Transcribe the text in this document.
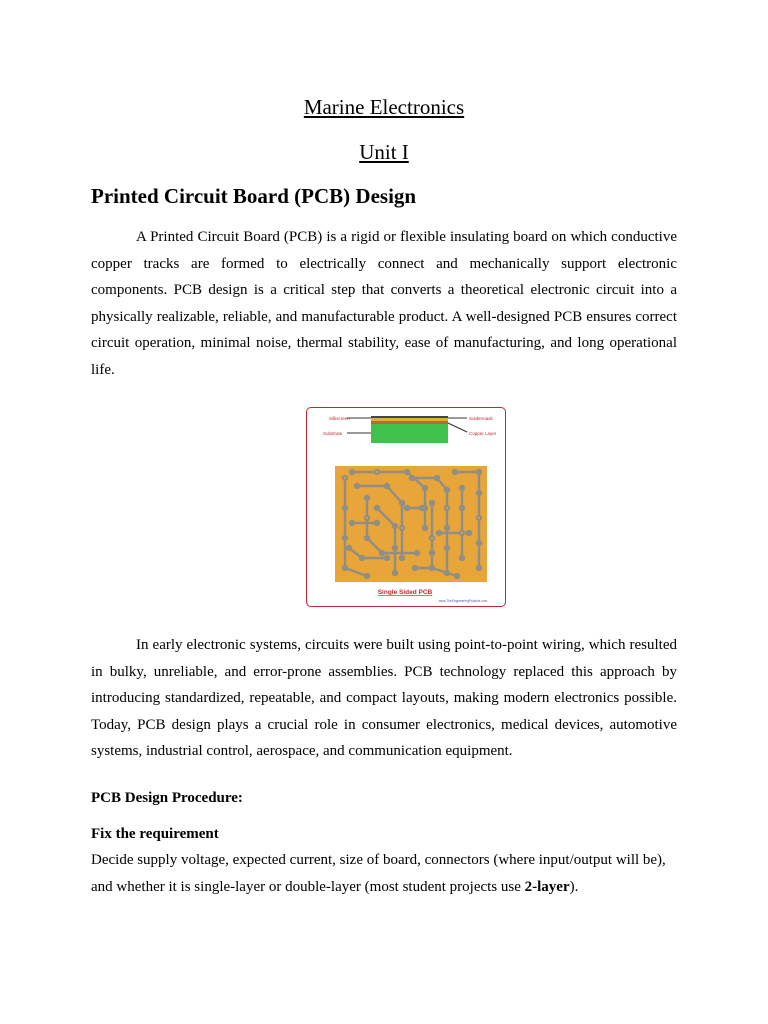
Marine Electronics
Unit I
Printed Circuit Board (PCB) Design

A Printed Circuit Board (PCB) is a rigid or flexible insulating board on which conductive copper tracks are formed to electrically connect and mechanically support electronic components. PCB design is a critical step that converts a theoretical electronic circuit into a physically realizable, reliable, and manufacturable product. A well-designed PCB ensures correct circuit operation, minimal noise, thermal stability, ease of manufacturing, and long operational life.

Silkscreen
Substrate
Soldermask
Copper Layer
Single Sided PCB
www.TheEngineeringProjects.com

In early electronic systems, circuits were built using point-to-point wiring, which resulted in bulky, unreliable, and error-prone assemblies. PCB technology replaced this approach by introducing standardized, repeatable, and compact layouts, making modern electronics possible. Today, PCB design plays a crucial role in consumer electronics, medical devices, automotive systems, industrial control, aerospace, and communication equipment.

PCB Design Procedure:

Fix the requirement

Decide supply voltage, expected current, size of board, connectors (where input/output will be), and whether it is single-layer or double-layer (most student projects use 2-layer).
